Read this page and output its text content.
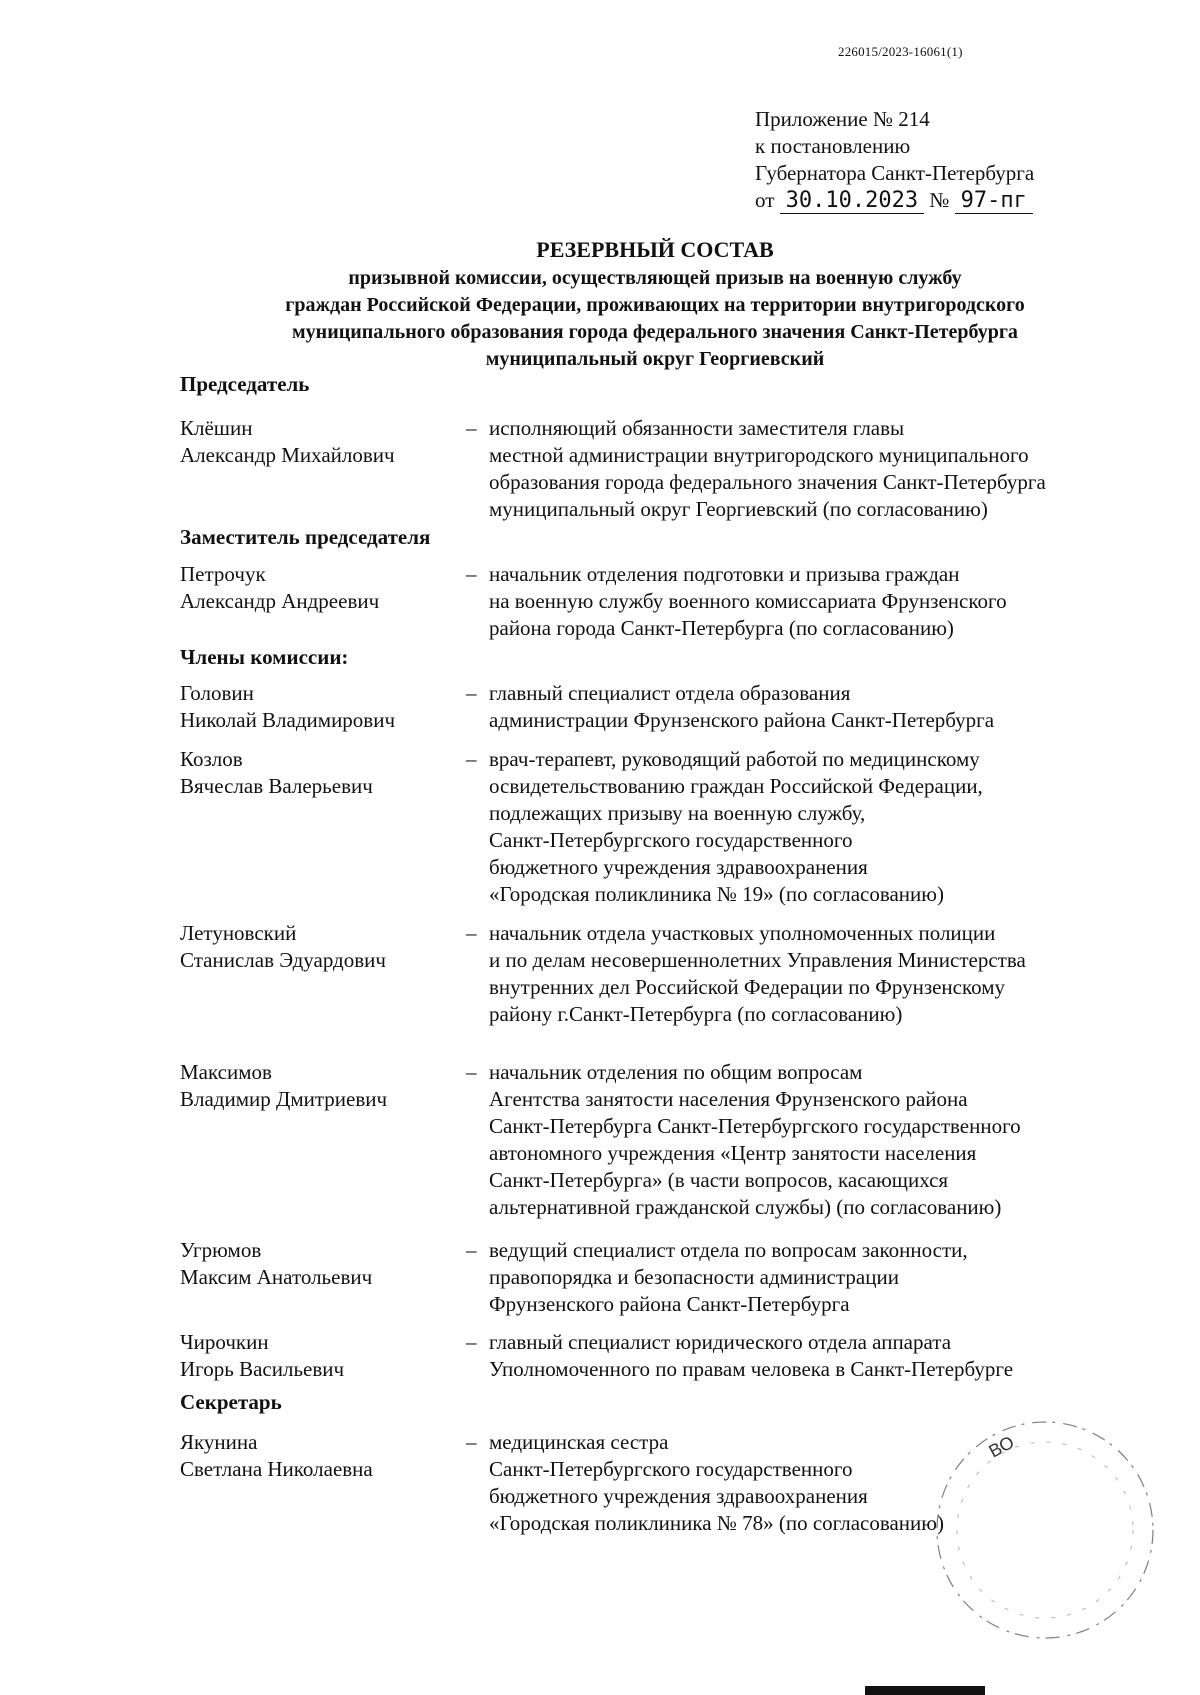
226015/2023-16061(1)
Приложение № 214
к постановлению
Губернатора Санкт-Петербурга
от 30.10.2023 № 97-пг
РЕЗЕРВНЫЙ СОСТАВ
призывной комиссии, осуществляющей призыв на военную службу
граждан Российской Федерации, проживающих на территории внутригородского
муниципального образования города федерального значения Санкт-Петербурга
муниципальный округ Георгиевский
Председатель
Клёшин
Александр Михайлович
– исполняющий обязанности заместителя главы
местной администрации внутригородского муниципального
образования города федерального значения Санкт-Петербурга
муниципальный округ Георгиевский (по согласованию)
Заместитель председателя
Петрочук
Александр Андреевич
– начальник отделения подготовки и призыва граждан
на военную службу военного комиссариата Фрунзенского
района города Санкт-Петербурга (по согласованию)
Члены комиссии:
Головин
Николай Владимирович
– главный специалист отдела образования
администрации Фрунзенского района Санкт-Петербурга
Козлов
Вячеслав Валерьевич
– врач-терапевт, руководящий работой по медицинскому
освидетельствованию граждан Российской Федерации,
подлежащих призыву на военную службу,
Санкт-Петербургского государственного
бюджетного учреждения здравоохранения
«Городская поликлиника № 19» (по согласованию)
Летуновский
Станислав Эдуардович
– начальник отдела участковых уполномоченных полиции
и по делам несовершеннолетних Управления Министерства
внутренних дел Российской Федерации по Фрунзенскому
району г.Санкт-Петербурга (по согласованию)
Максимов
Владимир Дмитриевич
– начальник отделения по общим вопросам
Агентства занятости населения Фрунзенского района
Санкт-Петербурга Санкт-Петербургского государственного
автономного учреждения «Центр занятости населения
Санкт-Петербурга» (в части вопросов, касающихся
альтернативной гражданской службы) (по согласованию)
Угрюмов
Максим Анатольевич
– ведущий специалист отдела по вопросам законности,
правопорядка и безопасности администрации
Фрунзенского района Санкт-Петербурга
Чирочкин
Игорь Васильевич
– главный специалист юридического отдела аппарата
Уполномоченного по правам человека в Санкт-Петербурге
Секретарь
Якунина
Светлана Николаевна
– медицинская сестра
Санкт-Петербургского государственного
бюджетного учреждения здравоохранения
«Городская поликлиника № 78» (по согласованию)
ВО
